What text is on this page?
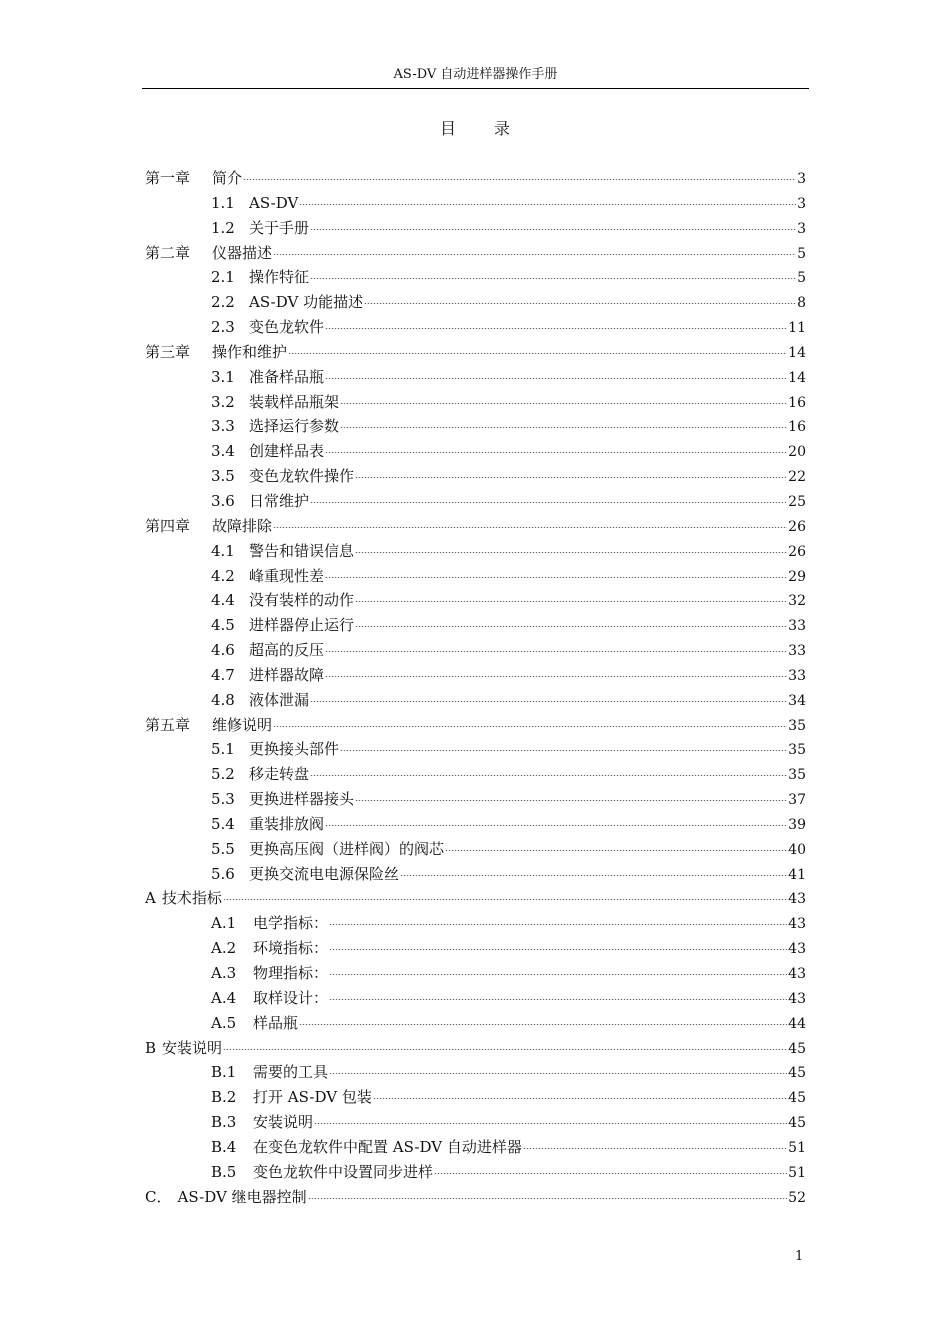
AS-DV 自动进样器操作手册
目录
第一章	简介	3
1.1 AS-DV	3
1.2 关于手册	3
第二章	仪器描述	5
2.1 操作特征	5
2.2 AS-DV 功能描述	8
2.3 变色龙软件	11
第三章	操作和维护	14
3.1 准备样品瓶	14
3.2 装载样品瓶架	16
3.3 选择运行参数	16
3.4 创建样品表	20
3.5 变色龙软件操作	22
3.6 日常维护	25
第四章	故障排除	26
4.1 警告和错误信息	26
4.2 峰重现性差	29
4.4 没有装样的动作	32
4.5 进样器停止运行	33
4.6 超高的反压	33
4.7 进样器故障	33
4.8 液体泄漏	34
第五章	维修说明	35
5.1 更换接头部件	35
5.2 移走转盘	35
5.3 更换进样器接头	37
5.4 重装排放阀	39
5.5 更换高压阀（进样阀）的阀芯	40
5.6 更换交流电电源保险丝	41
A 技术指标	43
A.1	电学指标：	43
A.2	环境指标：	43
A.3	物理指标：	43
A.4	取样设计：	43
A.5	样品瓶	44
B 安装说明	45
B.1	需要的工具	45
B.2	打开 AS-DV 包装	45
B.3	安装说明	45
B.4	在变色龙软件中配置 AS-DV 自动进样器	51
B.5	变色龙软件中设置同步进样	51
C． AS-DV 继电器控制	52
1
